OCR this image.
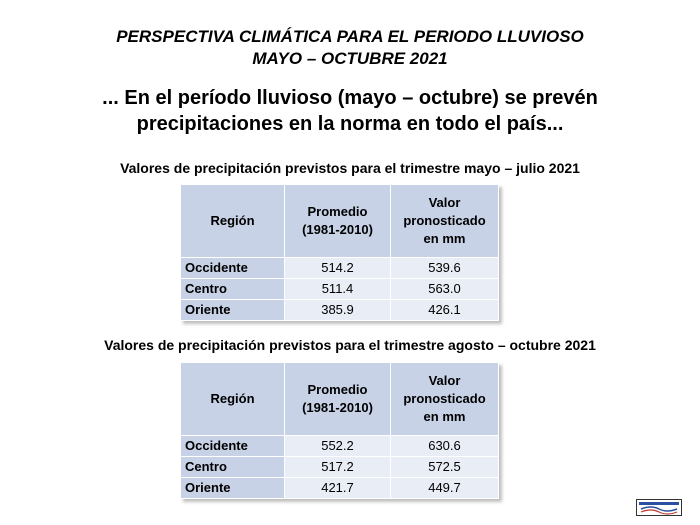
PERSPECTIVA CLIMÁTICA PARA EL PERIODO LLUVIOSO
MAYO – OCTUBRE 2021
... En el período lluvioso (mayo – octubre) se prevén
precipitaciones en la norma en todo el país...
Valores de precipitación previstos para el trimestre mayo – julio 2021
Región	Promedio (1981-2010)	Valor pronosticado en mm
Occidente	514.2	539.6
Centro	511.4	563.0
Oriente	385.9	426.1
Valores de precipitación previstos para el trimestre agosto – octubre 2021
Región	Promedio (1981-2010)	Valor pronosticado en mm
Occidente	552.2	630.6
Centro	517.2	572.5
Oriente	421.7	449.7
